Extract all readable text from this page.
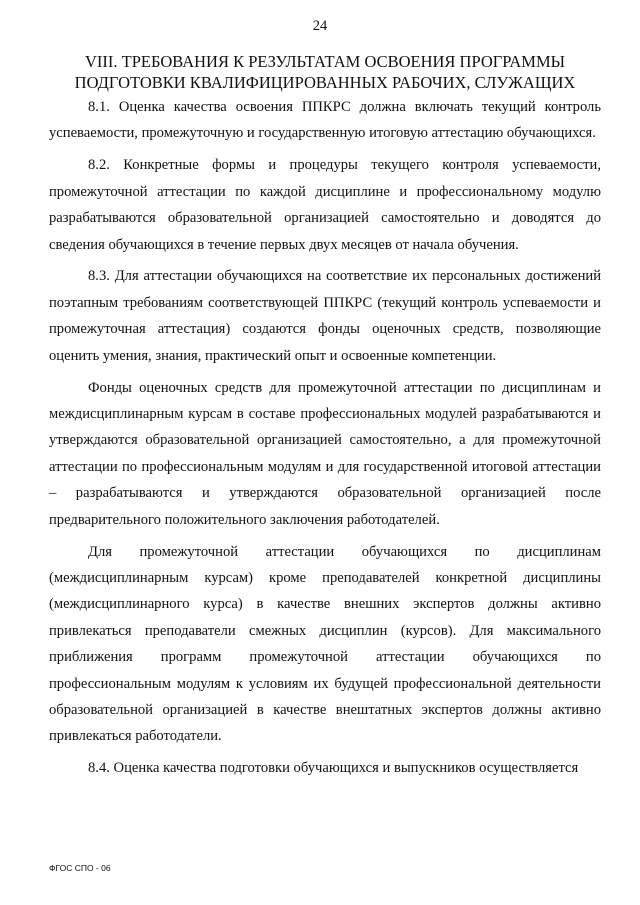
24
VIII. ТРЕБОВАНИЯ К РЕЗУЛЬТАТАМ ОСВОЕНИЯ ПРОГРАММЫ
ПОДГОТОВКИ КВАЛИФИЦИРОВАННЫХ РАБОЧИХ, СЛУЖАЩИХ

8.1. Оценка качества освоения ППКРС должна включать текущий контроль успеваемости, промежуточную и государственную итоговую аттестацию обучающихся.

8.2. Конкретные формы и процедуры текущего контроля успеваемости, промежуточной аттестации по каждой дисциплине и профессиональному модулю разрабатываются образовательной организацией самостоятельно и доводятся до сведения обучающихся в течение первых двух месяцев от начала обучения.

8.3. Для аттестации обучающихся на соответствие их персональных достижений поэтапным требованиям соответствующей ППКРС (текущий контроль успеваемости и промежуточная аттестация) создаются фонды оценочных средств, позволяющие оценить умения, знания, практический опыт и освоенные компетенции.

Фонды оценочных средств для промежуточной аттестации по дисциплинам и междисциплинарным курсам в составе профессиональных модулей разрабатываются и утверждаются образовательной организацией самостоятельно, а для промежуточной аттестации по профессиональным модулям и для государственной итоговой аттестации – разрабатываются и утверждаются образовательной организацией после предварительного положительного заключения работодателей.

Для промежуточной аттестации обучающихся по дисциплинам (междисциплинарным курсам) кроме преподавателей конкретной дисциплины (междисциплинарного курса) в качестве внешних экспертов должны активно привлекаться преподаватели смежных дисциплин (курсов). Для максимального приближения программ промежуточной аттестации обучающихся по профессиональным модулям к условиям их будущей профессиональной деятельности образовательной организацией в качестве внештатных экспертов должны активно привлекаться работодатели.

8.4. Оценка качества подготовки обучающихся и выпускников осуществляется

ФГОС СПО - 06
